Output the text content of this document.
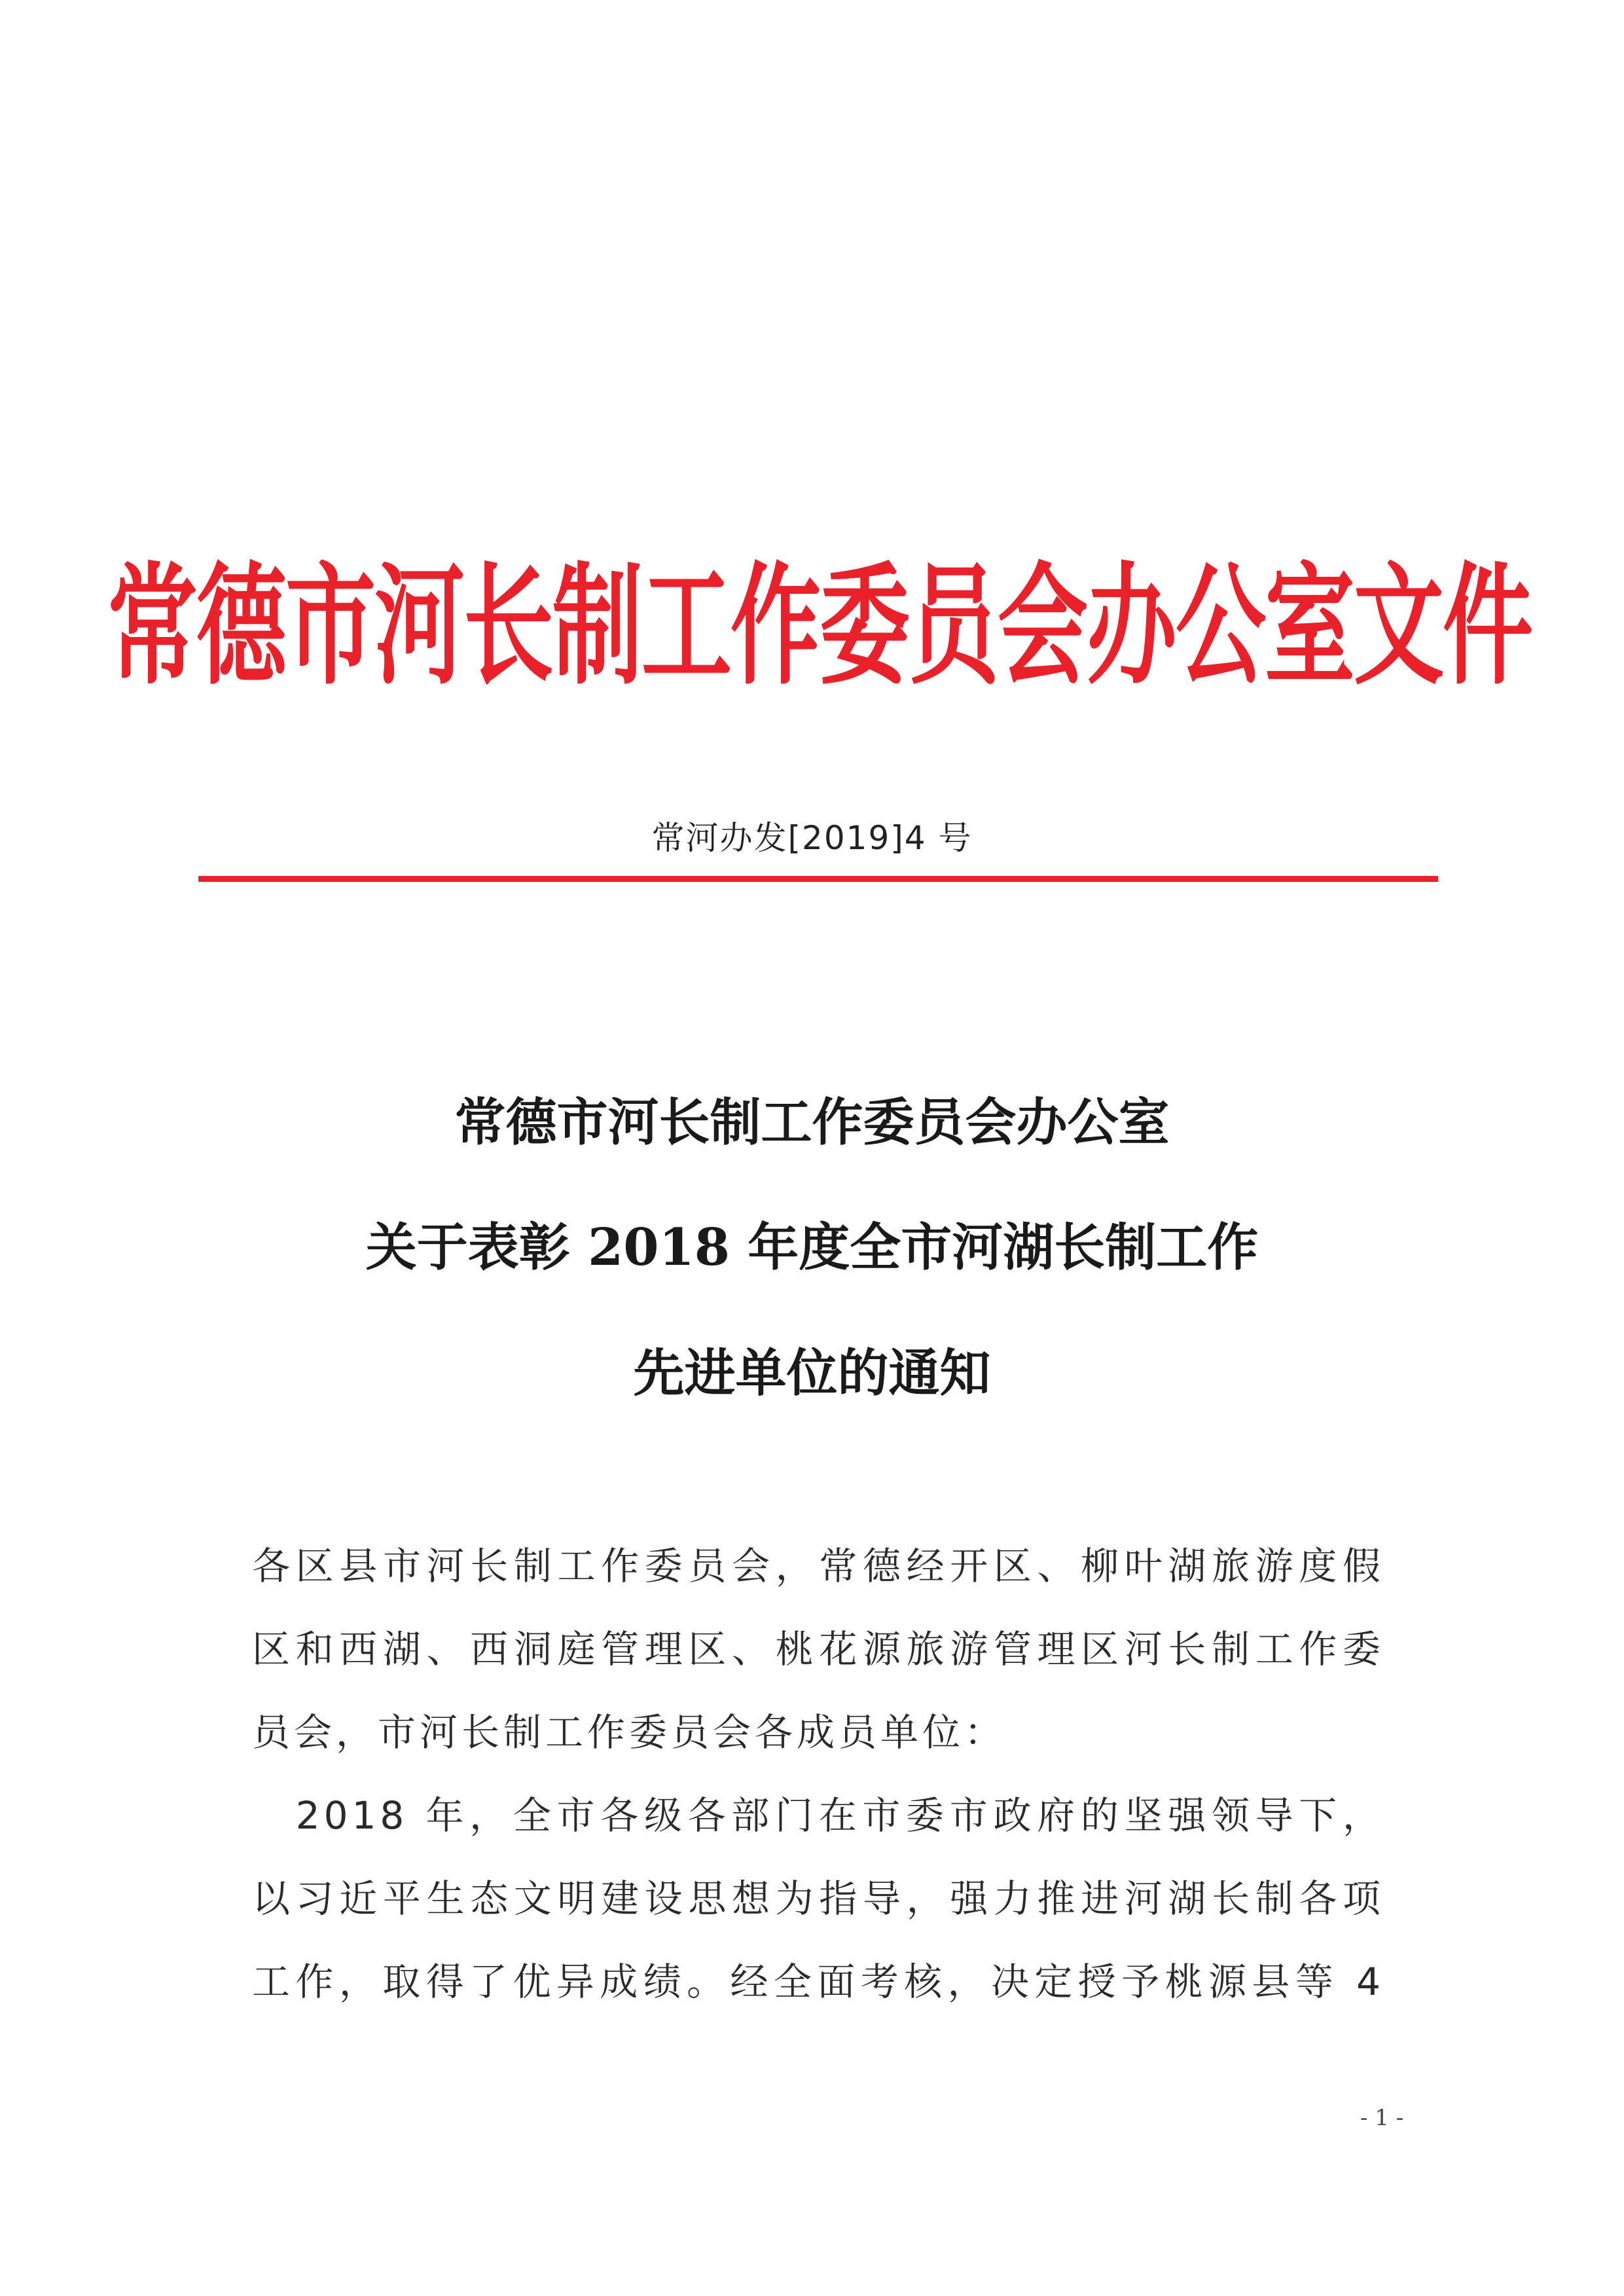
常德市河长制工作委员会办公室文件
常河办发[2019]4 号
常德市河长制工作委员会办公室
关于表彰 2018 年度全市河湖长制工作
先进单位的通知
各区县市河长制工作委员会，常德经开区、柳叶湖旅游度假
区和西湖、西洞庭管理区、桃花源旅游管理区河长制工作委
员会，市河长制工作委员会各成员单位：
　2018 年，全市各级各部门在市委市政府的坚强领导下，
以习近平生态文明建设思想为指导，强力推进河湖长制各项
工作，取得了优异成绩。经全面考核，决定授予桃源县等 4
- 1 -
